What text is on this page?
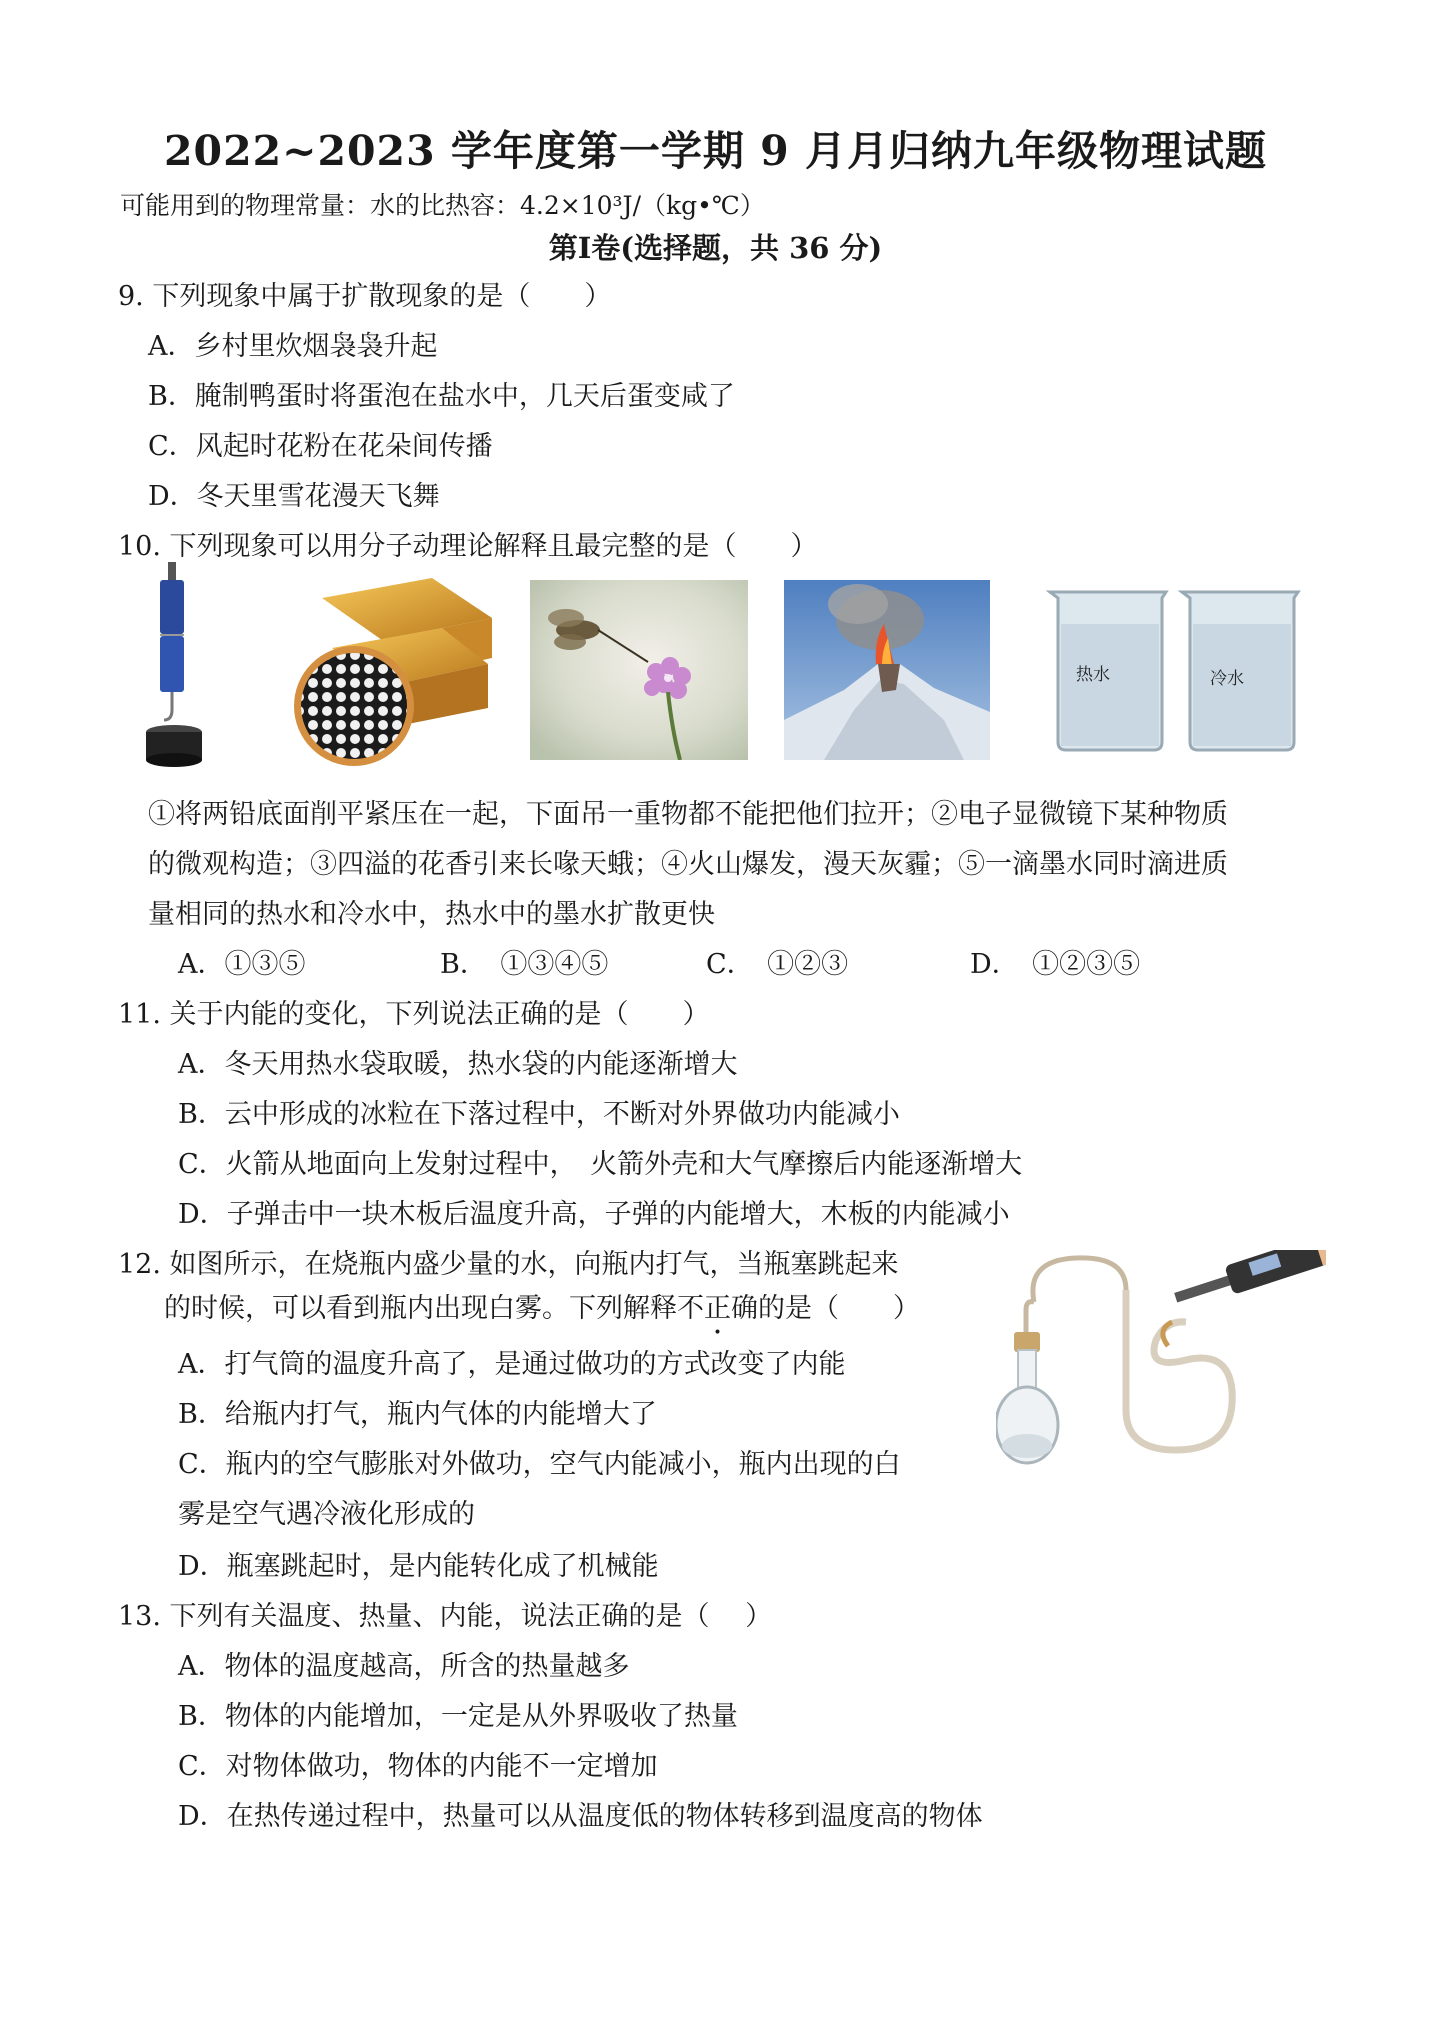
2022~2023 学年度第一学期 9 月月归纳九年级物理试题
可能用到的物理常量：水的比热容：4.2×10³J/（kg•℃）
第Ⅰ卷(选择题，共 36 分)
9. 下列现象中属于扩散现象的是（　　）
A．乡村里炊烟袅袅升起
B．腌制鸭蛋时将蛋泡在盐水中，几天后蛋变咸了
C．风起时花粉在花朵间传播
D．冬天里雪花漫天飞舞
10. 下列现象可以用分子动理论解释且最完整的是（　　）
热水	冷水
①将两铅底面削平紧压在一起，下面吊一重物都不能把他们拉开；②电子显微镜下某种物质
的微观构造；③四溢的花香引来长喙天蛾；④火山爆发，漫天灰霾；⑤一滴墨水同时滴进质
量相同的热水和冷水中，热水中的墨水扩散更快
A．①③⑤	B．　①③④⑤	C．　①②③	D．　①②③⑤
11. 关于内能的变化，下列说法正确的是（　　）
A．冬天用热水袋取暖，热水袋的内能逐渐增大
B．云中形成的冰粒在下落过程中，不断对外界做功内能减小
C．火箭从地面向上发射过程中，　火箭外壳和大气摩擦后内能逐渐增大
D．子弹击中一块木板后温度升高，子弹的内能增大，木板的内能减小
12. 如图所示，在烧瓶内盛少量的水，向瓶内打气，当瓶塞跳起来
的时候，可以看到瓶内出现白雾。下列解释不正确的是（　　）
A．打气筒的温度升高了，是通过做功的方式改变了内能
B．给瓶内打气，瓶内气体的内能增大了
C．瓶内的空气膨胀对外做功，空气内能减小，瓶内出现的白
雾是空气遇冷液化形成的
D．瓶塞跳起时，是内能转化成了机械能
13. 下列有关温度、热量、内能，说法正确的是（　 ）
A．物体的温度越高，所含的热量越多
B．物体的内能增加，一定是从外界吸收了热量
C．对物体做功，物体的内能不一定增加
D．在热传递过程中，热量可以从温度低的物体转移到温度高的物体
